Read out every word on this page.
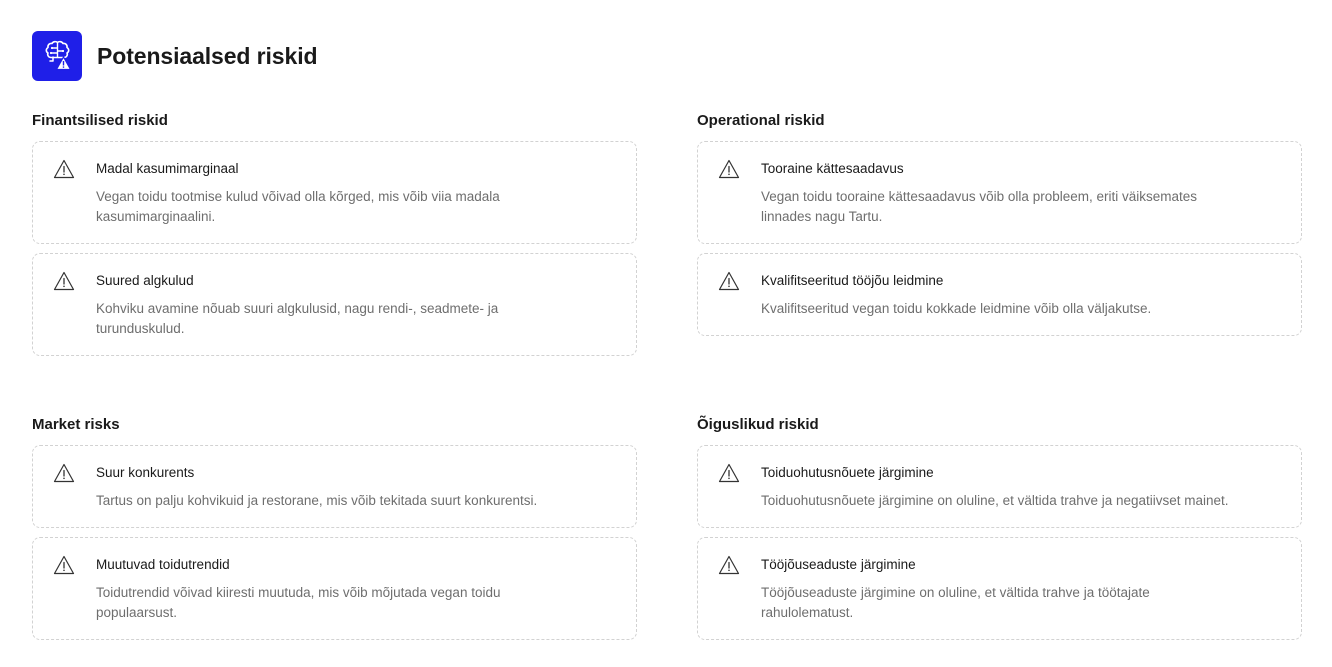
Potensiaalsed riskid
Finantsilised riskid
Madal kasumimarginaal
Vegan toidu tootmise kulud võivad olla kõrged, mis võib viia madala kasumimarginaalini.
Suured algkulud
Kohviku avamine nõuab suuri algkulusid, nagu rendi-, seadmete- ja turunduskulud.
Operational riskid
Tooraine kättesaadavus
Vegan toidu tooraine kättesaadavus võib olla probleem, eriti väiksemates linnades nagu Tartu.
Kvalifitseeritud tööjõu leidmine
Kvalifitseeritud vegan toidu kokkade leidmine võib olla väljakutse.
Market risks
Suur konkurents
Tartus on palju kohvikuid ja restorane, mis võib tekitada suurt konkurentsi.
Muutuvad toidutrendid
Toidutrendid võivad kiiresti muutuda, mis võib mõjutada vegan toidu populaarsust.
Õiguslikud riskid
Toiduohutusnõuete järgimine
Toiduohutusnõuete järgimine on oluline, et vältida trahve ja negatiivset mainet.
Tööjõuseaduste järgimine
Tööjõuseaduste järgimine on oluline, et vältida trahve ja töötajate rahulolematust.
